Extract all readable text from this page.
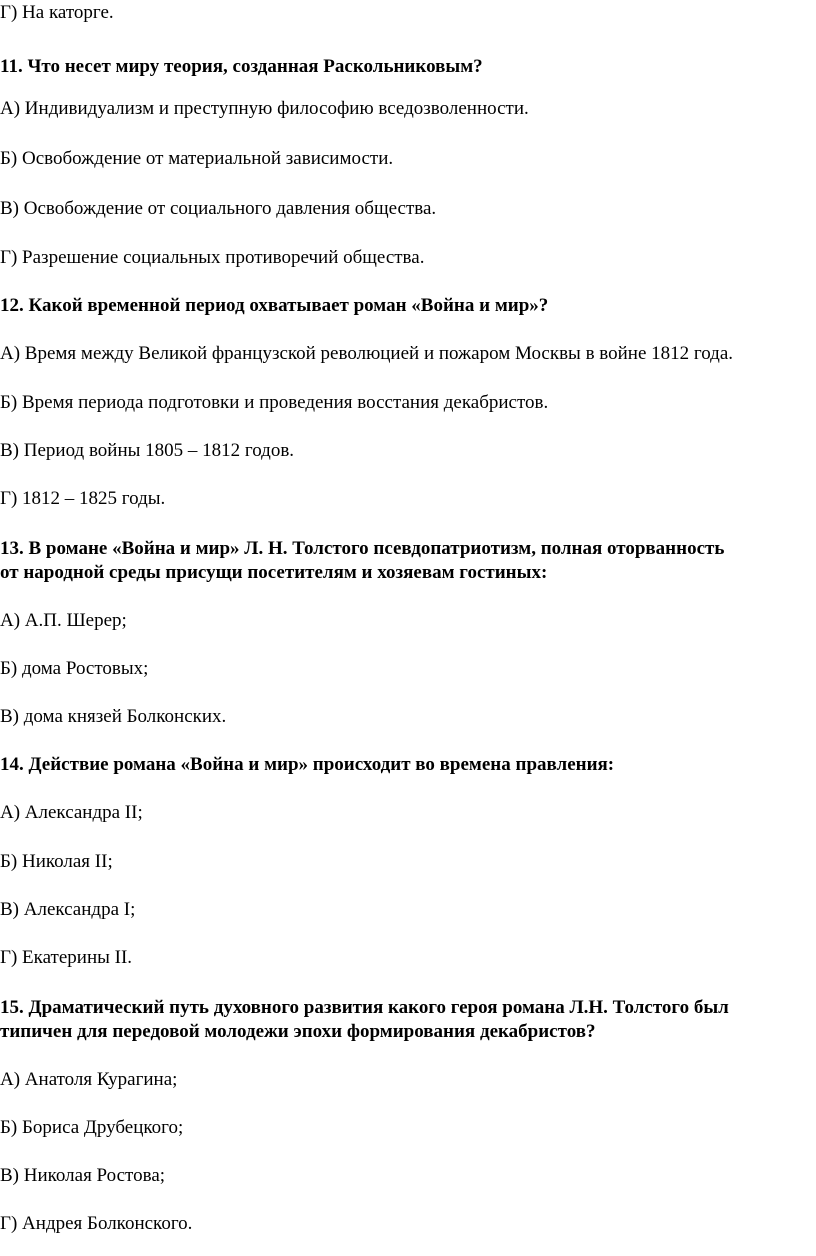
Г) На каторге.
11. Что несет миру теория, созданная Раскольниковым?
А) Индивидуализм и преступную философию вседозволенности.
Б) Освобождение от материальной зависимости.
В) Освобождение от социального давления общества.
Г) Разрешение социальных противоречий общества.
12. Какой временной период охватывает роман «Война и мир»?
А) Время между Великой французской революцией и пожаром Москвы в войне 1812 года.
Б) Время периода подготовки и проведения восстания декабристов.
В) Период войны 1805 – 1812 годов.
Г) 1812 – 1825 годы.
13. В романе «Война и мир» Л. Н. Толстого псевдопатриотизм, полная оторванность
от народной среды присущи посетителям и хозяевам гостиных:
А) А.П. Шерер;
Б) дома Ростовых;
В) дома князей Болконских.
14. Действие романа «Война и мир» происходит во времена правления:
А) Александра II;
Б) Николая II;
В) Александра I;
Г) Екатерины II.
15. Драматический путь духовного развития какого героя романа Л.Н. Толстого был
типичен для передовой молодежи эпохи формирования декабристов?
А) Анатоля Курагина;
Б) Бориса Друбецкого;
В) Николая Ростова;
Г) Андрея Болконского.
